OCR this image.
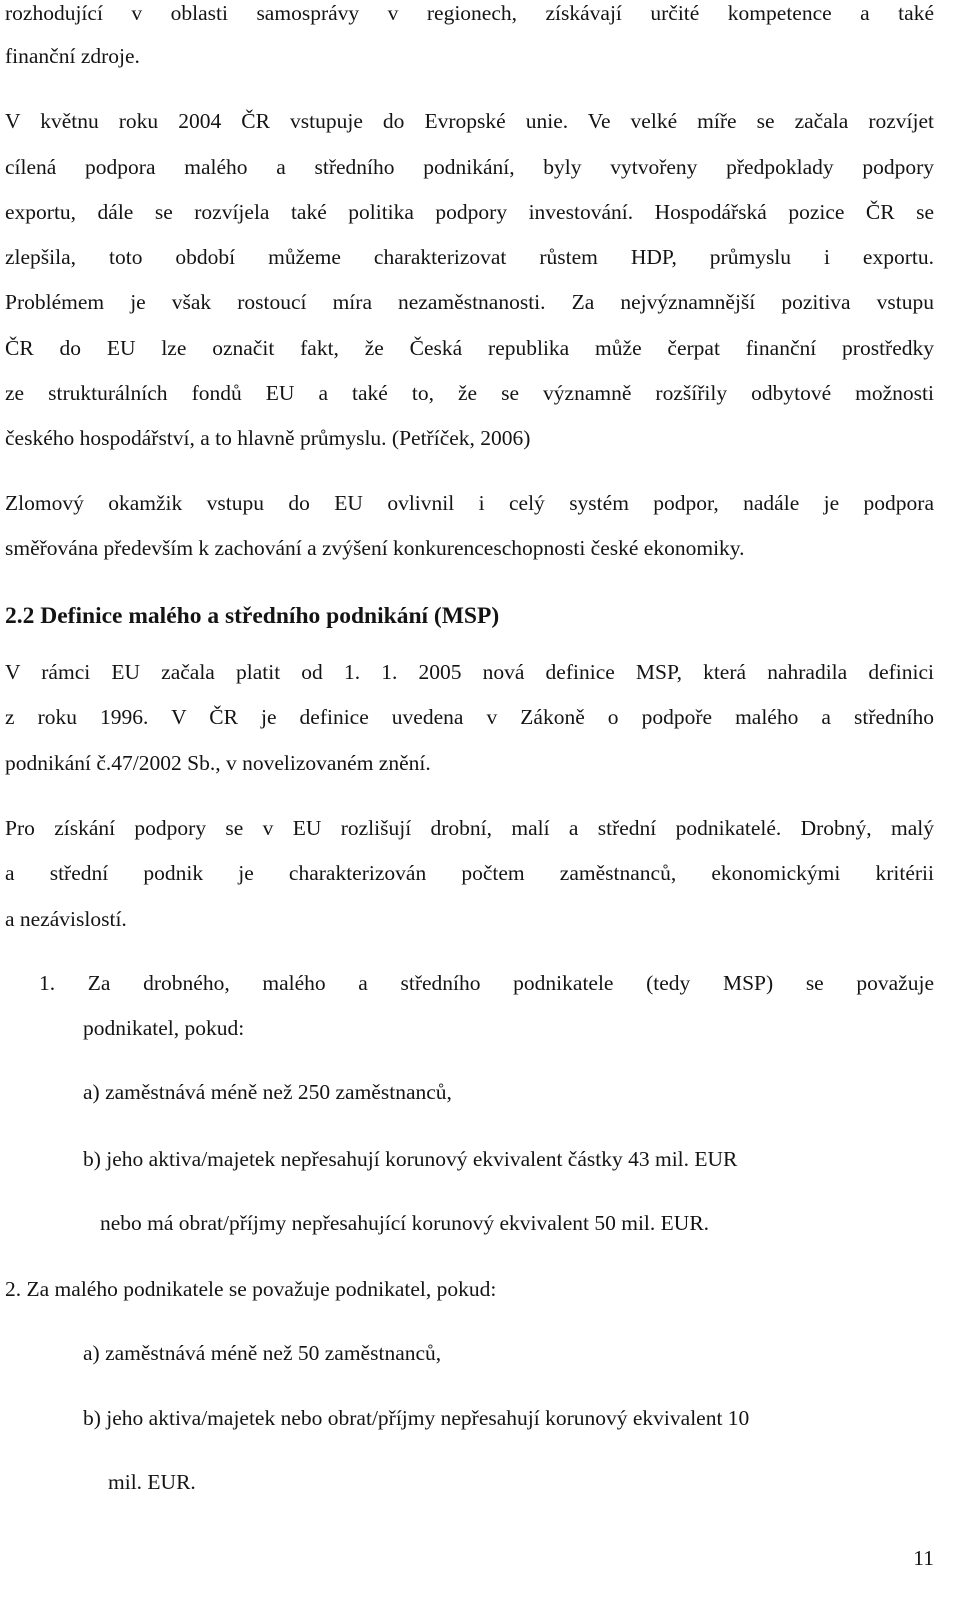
rozhodující v oblasti samosprávy v regionech, získávají určité kompetence a také
finanční zdroje.
V květnu roku 2004 ČR vstupuje do Evropské unie. Ve velké míře se začala rozvíjet
cílená podpora malého a středního podnikání, byly vytvořeny předpoklady podpory
exportu, dále se rozvíjela také politika podpory investování. Hospodářská pozice ČR se
zlepšila, toto období můžeme charakterizovat růstem HDP, průmyslu i exportu.
Problémem je však rostoucí míra nezaměstnanosti. Za nejvýznamnější pozitiva vstupu
ČR do EU lze označit fakt, že Česká republika může čerpat finanční prostředky
ze strukturálních fondů EU a také to, že se významně rozšířily odbytové možnosti
českého hospodářství, a to hlavně průmyslu. (Petříček, 2006)
Zlomový okamžik vstupu do EU ovlivnil i celý systém podpor, nadále je podpora
směřována především k zachování a zvýšení konkurenceschopnosti české ekonomiky.
2.2 Definice malého a středního podnikání (MSP)
V rámci EU začala platit od 1. 1. 2005 nová definice MSP, která nahradila definici
z roku 1996. V ČR je definice uvedena v Zákoně o podpoře malého a středního
podnikání č.47/2002 Sb., v novelizovaném znění.
Pro získání podpory se v EU rozlišují drobní, malí a střední podnikatelé. Drobný, malý
a střední podnik je charakterizován počtem zaměstnanců, ekonomickými kritérii
a nezávislostí.
1. Za drobného, malého a středního podnikatele (tedy MSP) se považuje
podnikatel, pokud:
a) zaměstnává méně než 250 zaměstnanců,
b) jeho aktiva/majetek nepřesahují korunový ekvivalent částky 43 mil. EUR
nebo má obrat/příjmy nepřesahující korunový ekvivalent 50 mil. EUR.
2. Za malého podnikatele se považuje podnikatel, pokud:
a) zaměstnává méně než 50 zaměstnanců,
b) jeho aktiva/majetek nebo obrat/příjmy nepřesahují korunový ekvivalent 10
mil. EUR.
11
